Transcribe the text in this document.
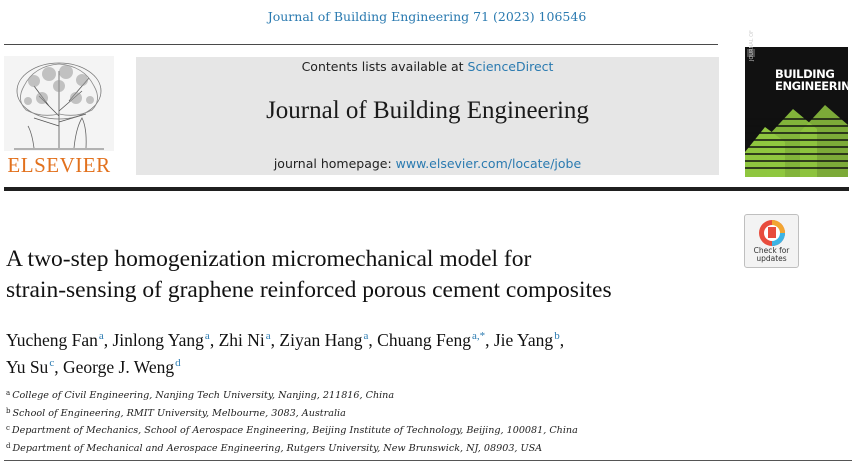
Journal of Building Engineering 71 (2023) 106546
ELSEVIER
Contents lists available at ScienceDirect
Journal of Building Engineering
journal homepage: www.elsevier.com/locate/jobe
JOURNAL OF
BUILDING
ENGINEERING
Check for
updates
A two-step homogenization micromechanical model for
strain-sensing of graphene reinforced porous cement composites
Yucheng Fan$^a$, Jinlong Yang$^a$, Zhi Ni$^a$, Ziyan Hang$^a$, Chuang Feng$^{a,*}$, Jie Yang$^b$,
Yu Su$^c$, George J. Weng$^d$
$^a$ College of Civil Engineering, Nanjing Tech University, Nanjing, 211816, China
$^b$ School of Engineering, RMIT University, Melbourne, 3083, Australia
$^c$ Department of Mechanics, School of Aerospace Engineering, Beijing Institute of Technology, Beijing, 100081, China
$^d$ Department of Mechanical and Aerospace Engineering, Rutgers University, New Brunswick, NJ, 08903, USA
